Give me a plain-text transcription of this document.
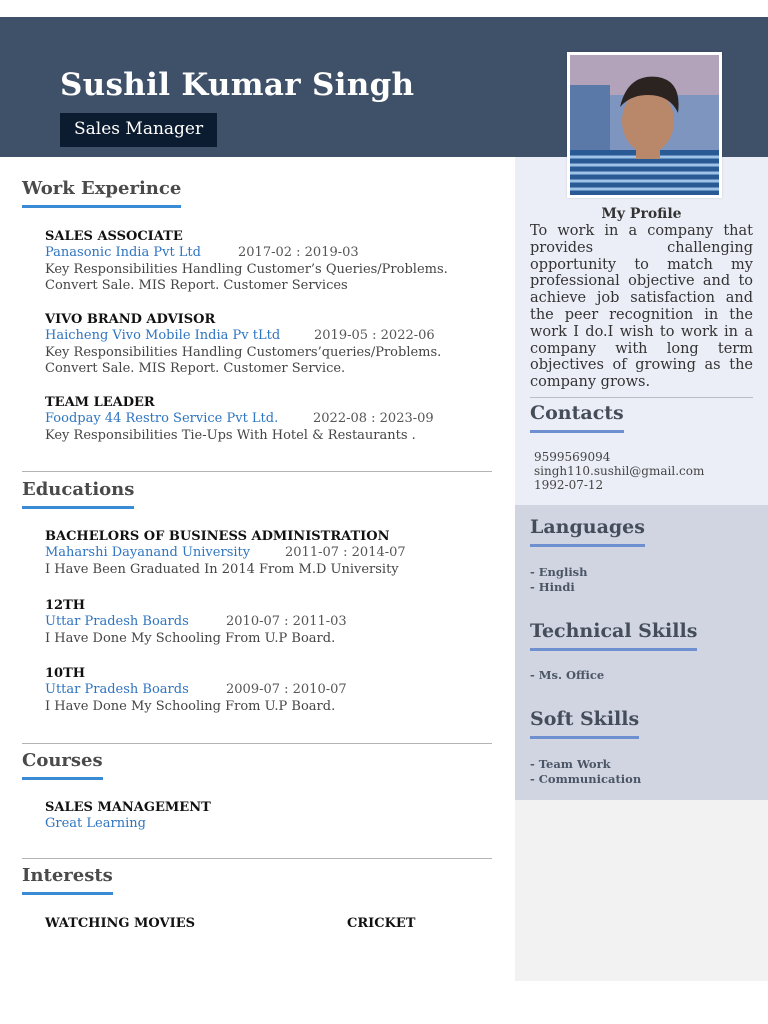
Sushil Kumar Singh
Sales Manager
My Profile
To work in a company that provides challenging opportunity to match my professional objective and to achieve job satisfaction and the peer recognition in the work I do.I wish to work in a company with long term objectives of growing as the company grows.
Contacts
9599569094
singh110.sushil@gmail.com
1992-07-12
Languages
- English
- Hindi
Technical Skills
- Ms. Office
Soft Skills
- Team Work
- Communication
Work Experince
SALES ASSOCIATE
Panasonic India Pvt Ltd	2017-02 : 2019-03
Key Responsibilities Handling Customer’s Queries/Problems.
Convert Sale. MIS Report. Customer Services
VIVO BRAND ADVISOR
Haicheng Vivo Mobile India Pv tLtd	2019-05 : 2022-06
Key Responsibilities Handling Customers’queries/Problems.
Convert Sale. MIS Report. Customer Service.
TEAM LEADER
Foodpay 44 Restro Service Pvt Ltd.	2022-08 : 2023-09
Key Responsibilities Tie-Ups With Hotel & Restaurants .
Educations
BACHELORS OF BUSINESS ADMINISTRATION
Maharshi Dayanand University	2011-07 : 2014-07
I Have Been Graduated In 2014 From M.D University
12TH
Uttar Pradesh Boards	2010-07 : 2011-03
I Have Done My Schooling From U.P Board.
10TH
Uttar Pradesh Boards	2009-07 : 2010-07
I Have Done My Schooling From U.P Board.
Courses
SALES MANAGEMENT
Great Learning
Interests
WATCHING MOVIES	CRICKET
